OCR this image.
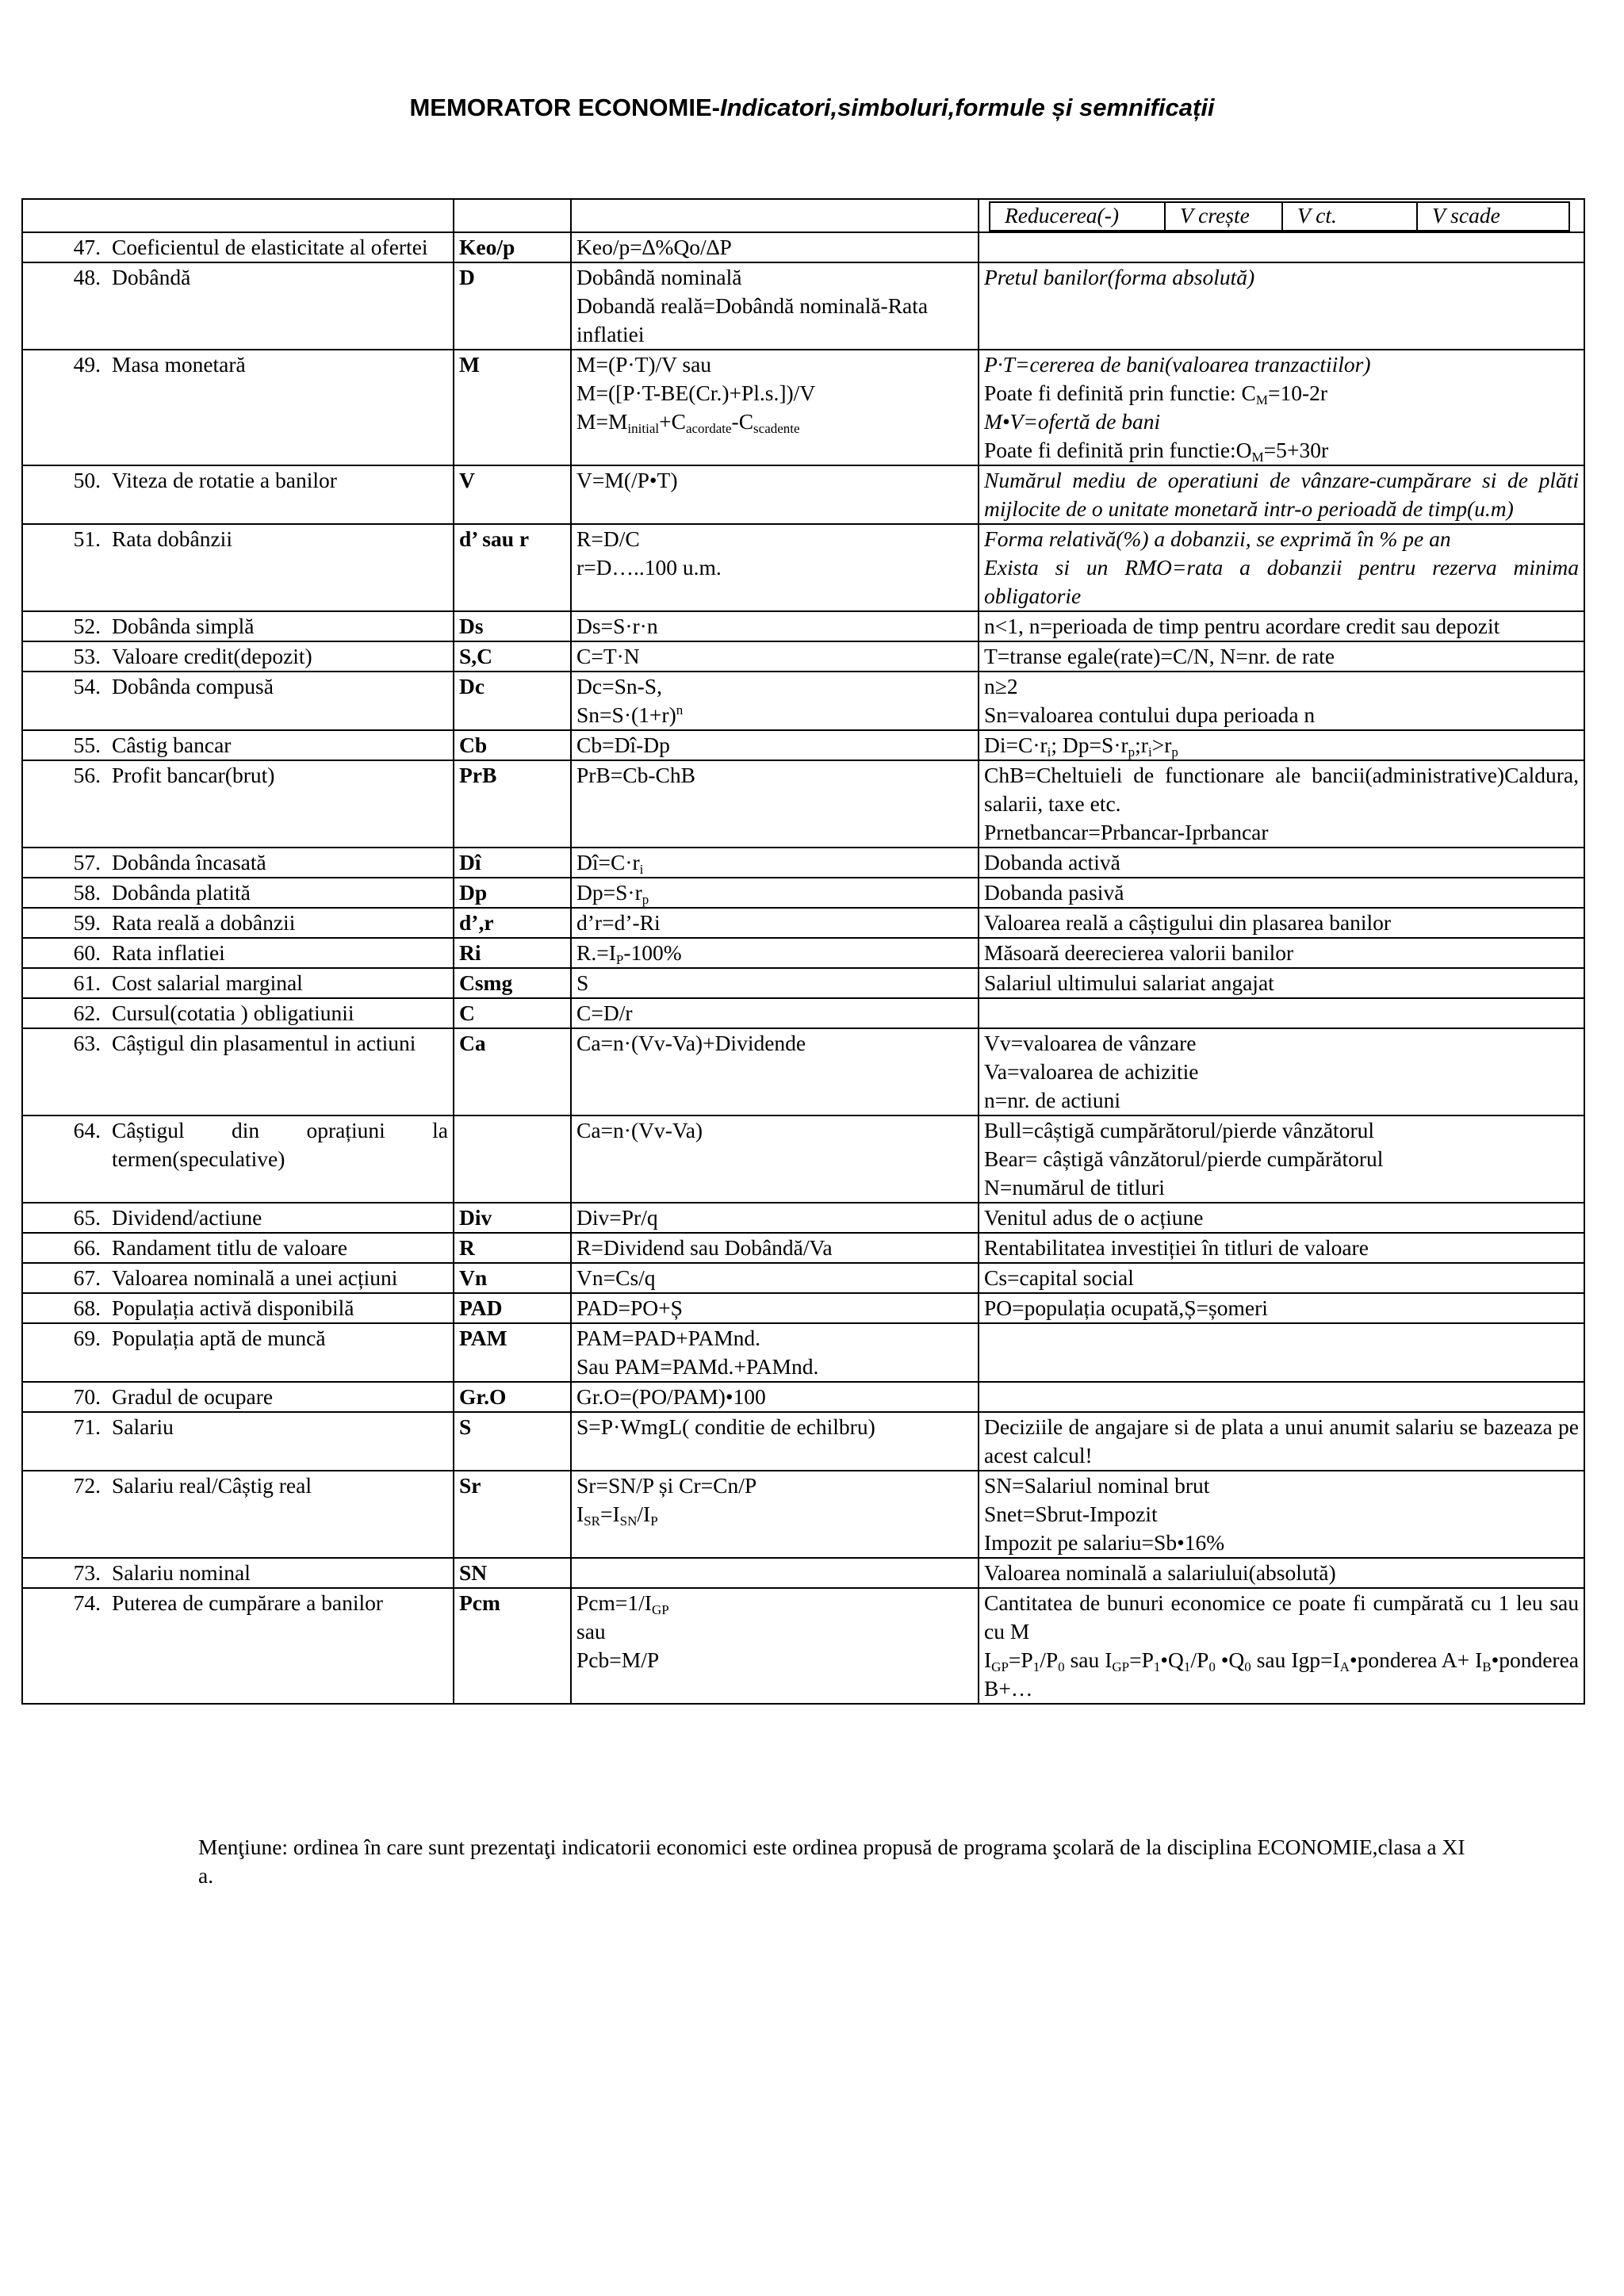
MEMORATOR ECONOMIE-Indicatori,simboluri,formule și semnificații

			Reducerea(-) V crește V ct. V scade

47. Coeficientul de elasticitate al ofertei	Keo/p	Keo/p=∆%Qo/∆P	

48. Dobândă	D	Dobândă nominală
Dobandă reală=Dobândă nominală-Rata inflatiei	Pretul banilor(forma absolută)

49. Masa monetară	M	M=(P·T)/V sau
M=([P·T-BE(Cr.)+Pl.s.])/V
$M=M_{initial}+C_{acordate}-C_{scadente}$	P·T=cererea de bani(valoarea tranzactiilor)
Poate fi definită prin functie: $C_M=10-2r$
M•V=ofertă de bani
Poate fi definită prin $functie:O_M=5+30r$

50. Viteza de rotatie a banilor	V	V=M(/P•T)	Numărul mediu de operatiuni de vânzare-cumpărare si de plăti mijlocite de o unitate monetară intr-o perioadă de timp(u.m)

51. Rata dobânzii	d’ sau r	R=D/C
r=D…..100 u.m.	Forma relativă(%) a dobanzii, se exprimă în % pe an
Exista si un RMO=rata a dobanzii pentru rezerva minima obligatorie

52. Dobânda simplă	Ds	Ds=S·r·n	n<1, n=perioada de timp pentru acordare credit sau depozit

53. Valoare credit(depozit)	S,C	C=T·N	T=transe egale(rate)=C/N, N=nr. de rate

54. Dobânda compusă	Dc	Dc=Sn-S,
$Sn=S\cdot(1+r)^n$	n≥2
Sn=valoarea contului dupa perioada n

55. Câstig bancar	Cb	Cb=Dî-Dp	$Di=C\cdot r_i$; $Dp=S\cdot r_p;r_i>r_p$

56. Profit bancar(brut)	PrB	PrB=Cb-ChB	ChB=Cheltuieli de functionare ale bancii(administrative)Caldura, salarii, taxe etc.
Prnetbancar=Prbancar-Iprbancar

57. Dobânda încasată	Dî	$Dî=C\cdot r_i$	Dobanda activă

58. Dobânda platită	Dp	$Dp=S\cdot r_p$	Dobanda pasivă

59. Rata reală a dobânzii	d’,r	d’r=d’-Ri	Valoarea reală a câștigului din plasarea banilor

60. Rata inflatiei	Ri	$R.=I_P-100\%$	Măsoară deerecierea valorii banilor

61. Cost salarial marginal	Csmg	S	Salariul ultimului salariat angajat

62. Cursul(cotatia ) obligatiunii	C	C=D/r	

63. Câștigul din plasamentul in actiuni	Ca	Ca=n·(Vv-Va)+Dividende	Vv=valoarea de vânzare
Va=valoarea de achizitie
n=nr. de actiuni

64. Câștigul din oprațiuni la termen(speculative)		Ca=n·(Vv-Va)	Bull=câștigă cumpărătorul/pierde vânzătorul
Bear= câștigă vânzătorul/pierde cumpărătorul
N=numărul de titluri

65. Dividend/actiune	Div	Div=Pr/q	Venitul adus de o acțiune

66. Randament titlu de valoare	R	R=Dividend sau Dobândă/Va	Rentabilitatea investiției în titluri de valoare

67. Valoarea nominală a unei acțiuni	Vn	Vn=Cs/q	Cs=capital social

68. Populația activă disponibilă	PAD	PAD=PO+Ș	PO=populația ocupată,Ș=șomeri

69. Populația aptă de muncă	PAM	PAM=PAD+PAMnd.
Sau PAM=PAMd.+PAMnd.	

70. Gradul de ocupare	Gr.O	Gr.O=(PO/PAM)•100	

71. Salariu	S	S=P·WmgL( conditie de echilbru)	Deciziile de angajare si de plata a unui anumit salariu se bazeaza pe acest calcul!

72. Salariu real/Câștig real	Sr	Sr=SN/P și Cr=Cn/P
$I_{SR}=I_{SN}/I_P$	SN=Salariul nominal brut
Snet=Sbrut-Impozit
Impozit pe salariu=Sb•16%

73. Salariu nominal	SN		Valoarea nominală a salariului(absolută)

74. Puterea de cumpărare a banilor	Pcm	$Pcm=1/I_{GP}$
sau
Pcb=M/P	Cantitatea de bunuri economice ce poate fi cumpărată cu 1 leu sau cu M
$I_{GP}=P_1/P_0$ sau $I_{GP}=P_1•Q_1/P_0$ $•Q_0$ sau $Igp=I_A•ponderea$ $A+ I_B•ponderea$ B+…
Menţiune: ordinea în care sunt prezentaţi indicatorii economici este ordinea propusă de programa şcolară de la disciplina ECONOMIE,clasa a XI a.
